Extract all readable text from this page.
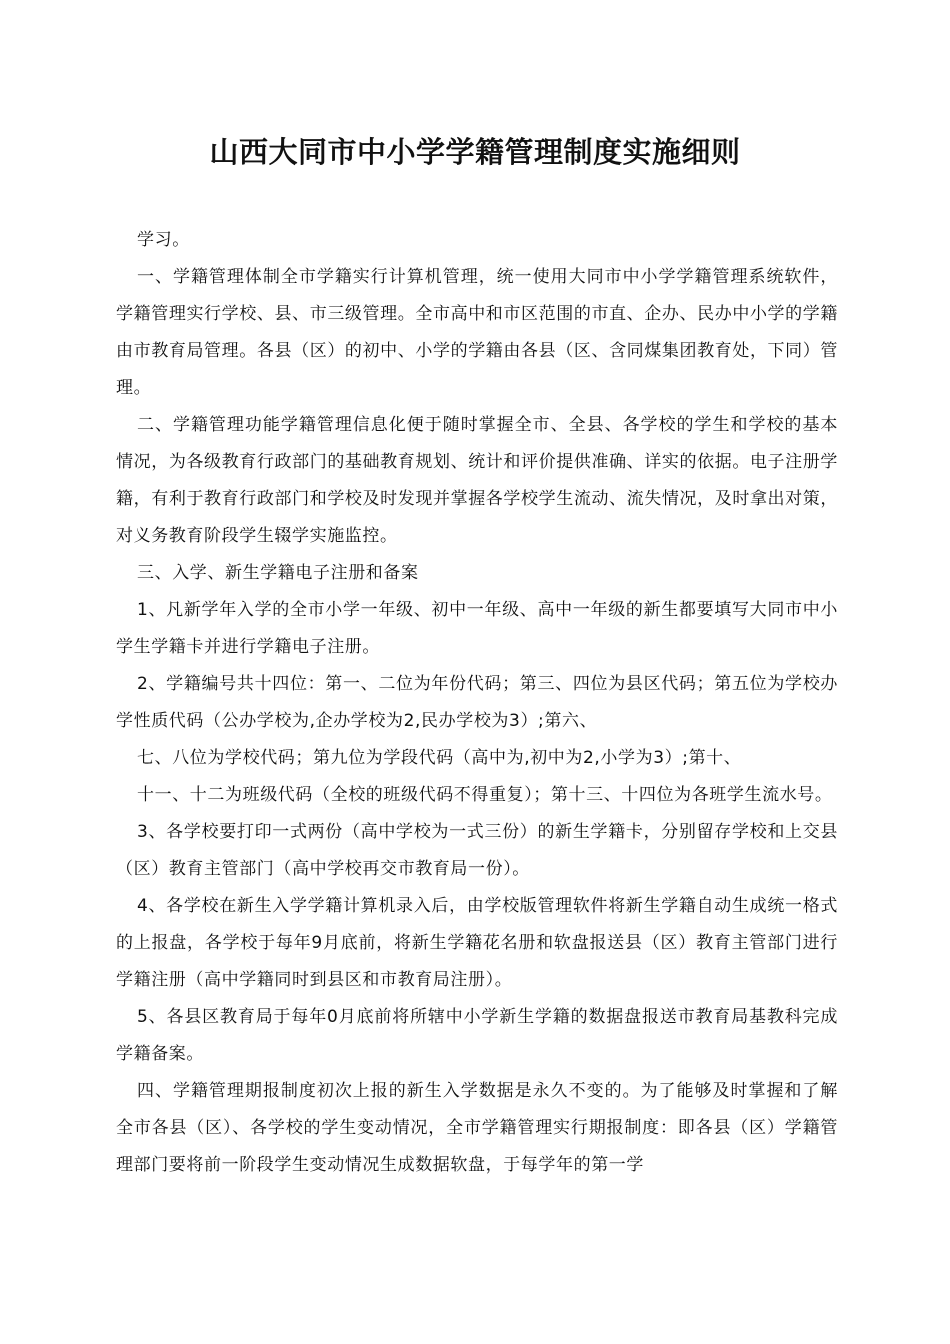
山西大同市中小学学籍管理制度实施细则

学习。

一、学籍管理体制全市学籍实行计算机管理，统一使用大同市中小学学籍管理系统软件，学籍管理实行学校、县、市三级管理。全市高中和市区范围的市直、企办、民办中小学的学籍由市教育局管理。各县（区）的初中、小学的学籍由各县（区、含同煤集团教育处，下同）管理。

二、学籍管理功能学籍管理信息化便于随时掌握全市、全县、各学校的学生和学校的基本情况，为各级教育行政部门的基础教育规划、统计和评价提供准确、详实的依据。电子注册学籍，有利于教育行政部门和学校及时发现并掌握各学校学生流动、流失情况，及时拿出对策，对义务教育阶段学生辍学实施监控。

三、入学、新生学籍电子注册和备案

1、凡新学年入学的全市小学一年级、初中一年级、高中一年级的新生都要填写大同市中小学生学籍卡并进行学籍电子注册。

2、学籍编号共十四位：第一、二位为年份代码；第三、四位为县区代码；第五位为学校办学性质代码（公办学校为,企办学校为2,民办学校为3）;第六、

七、八位为学校代码；第九位为学段代码（高中为,初中为2,小学为3）;第十、

十一、十二为班级代码（全校的班级代码不得重复）；第十三、十四位为各班学生流水号。

3、各学校要打印一式两份（高中学校为一式三份）的新生学籍卡，分别留存学校和上交县（区）教育主管部门（高中学校再交市教育局一份）。

4、各学校在新生入学学籍计算机录入后，由学校版管理软件将新生学籍自动生成统一格式的上报盘，各学校于每年9月底前，将新生学籍花名册和软盘报送县（区）教育主管部门进行学籍注册（高中学籍同时到县区和市教育局注册）。

5、各县区教育局于每年0月底前将所辖中小学新生学籍的数据盘报送市教育局基教科完成学籍备案。

四、学籍管理期报制度初次上报的新生入学数据是永久不变的。为了能够及时掌握和了解全市各县（区）、各学校的学生变动情况，全市学籍管理实行期报制度：即各县（区）学籍管理部门要将前一阶段学生变动情况生成数据软盘，于每学年的第一学
